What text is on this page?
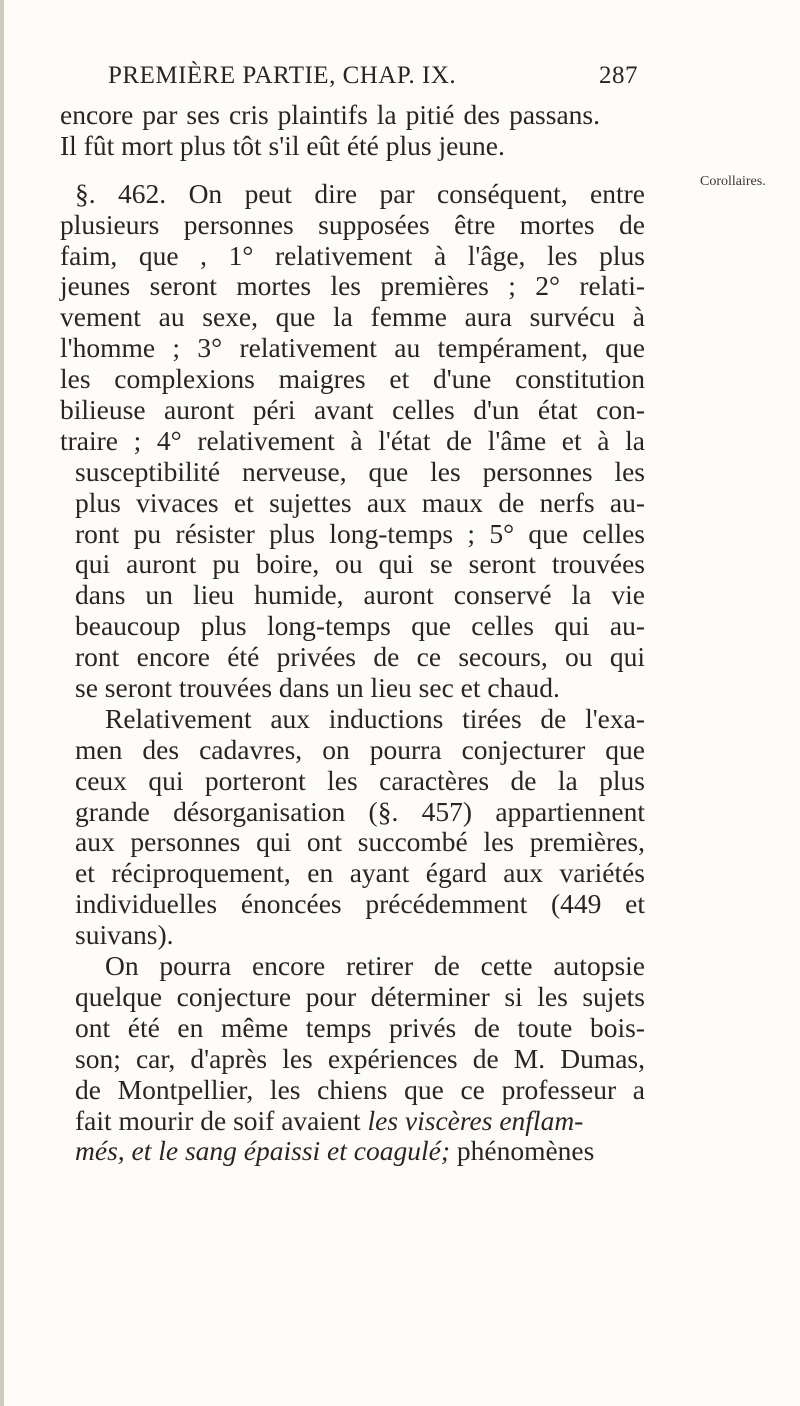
PREMIÈRE PARTIE, CHAP. IX.	287
Corollaires.
encore par ses cris plaintifs la pitié des passans.
Il fût mort plus tôt s'il eût été plus jeune.
§. 462. On peut dire par conséquent, entre
plusieurs personnes supposées être mortes de
faim, que , 1° relativement à l'âge, les plus
jeunes seront mortes les premières ; 2° relati-
vement au sexe, que la femme aura survécu à
l'homme ; 3° relativement au tempérament, que
les complexions maigres et d'une constitution
bilieuse auront péri avant celles d'un état con-
traire ; 4° relativement à l'état de l'âme et à la
susceptibilité nerveuse, que les personnes les
plus vivaces et sujettes aux maux de nerfs au-
ront pu résister plus long-temps ; 5° que celles
qui auront pu boire, ou qui se seront trouvées
dans un lieu humide, auront conservé la vie
beaucoup plus long-temps que celles qui au-
ront encore été privées de ce secours, ou qui
se seront trouvées dans un lieu sec et chaud.
Relativement aux inductions tirées de l'exa-
men des cadavres, on pourra conjecturer que
ceux qui porteront les caractères de la plus
grande désorganisation (§. 457) appartiennent
aux personnes qui ont succombé les premières,
et réciproquement, en ayant égard aux variétés
individuelles énoncées précédemment (449 et
suivans).
On pourra encore retirer de cette autopsie
quelque conjecture pour déterminer si les sujets
ont été en même temps privés de toute bois-
son; car, d'après les expériences de M. Dumas,
de Montpellier, les chiens que ce professeur a
fait mourir de soif avaient les viscères enflam-
més, et le sang épaissi et coagulé; phénomènes
